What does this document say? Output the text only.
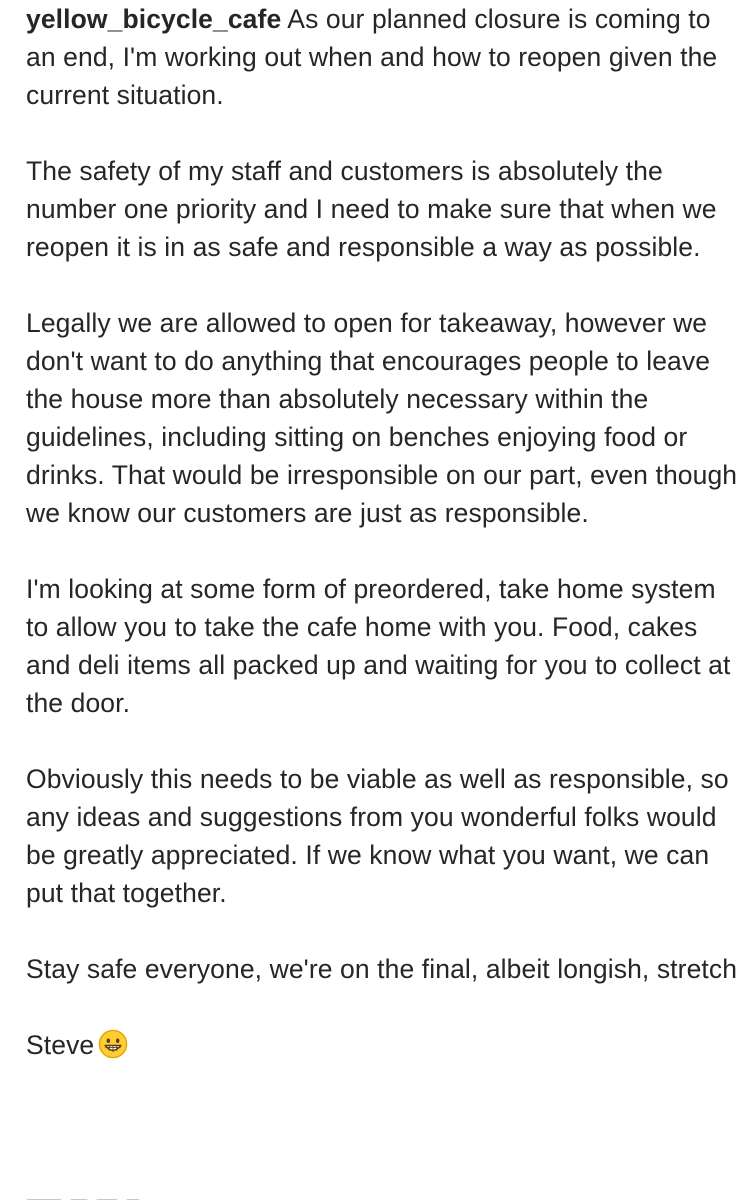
yellow_bicycle_cafe As our planned closure is coming to an end, I'm working out when and how to reopen given the current situation.

The safety of my staff and customers is absolutely the number one priority and I need to make sure that when we reopen it is in as safe and responsible a way as possible.

Legally we are allowed to open for takeaway, however we don't want to do anything that encourages people to leave the house more than absolutely necessary within the guidelines, including sitting on benches enjoying food or drinks. That would be irresponsible on our part, even though we know our customers are just as responsible.

I'm looking at some form of preordered, take home system to allow you to take the cafe home with you. Food, cakes and deli items all packed up and waiting for you to collect at the door.

Obviously this needs to be viable as well as responsible, so any ideas and suggestions from you wonderful folks would be greatly appreciated. If we know what you want, we can put that together.

Stay safe everyone, we're on the final, albeit longish, stretch

Steve
